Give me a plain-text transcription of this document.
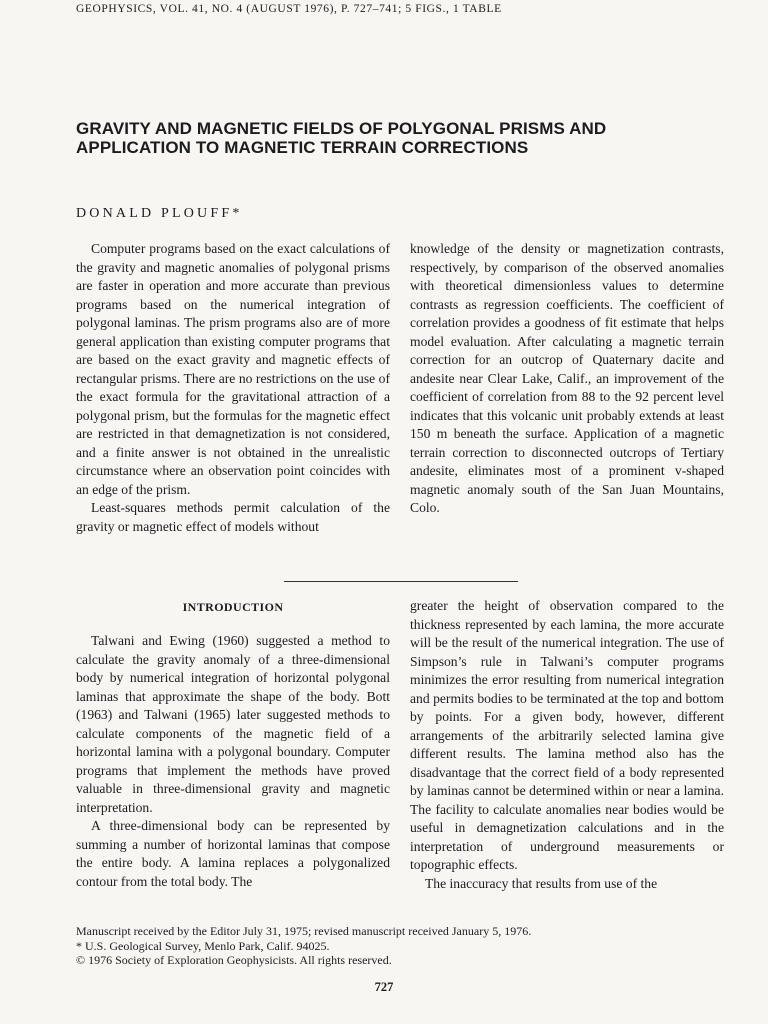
GEOPHYSICS, VOL. 41, NO. 4 (AUGUST 1976), P. 727–741; 5 FIGS., 1 TABLE
GRAVITY AND MAGNETIC FIELDS OF POLYGONAL PRISMS AND APPLICATION TO MAGNETIC TERRAIN CORRECTIONS
DONALD PLOUFF*

Computer programs based on the exact calculations of the gravity and magnetic anomalies of polygonal prisms are faster in operation and more accurate than previous programs based on the numerical integration of polygonal laminas. The prism programs also are of more general application than existing computer programs that are based on the exact gravity and magnetic effects of rectangular prisms. There are no restrictions on the use of the exact formula for the gravitational attraction of a polygonal prism, but the formulas for the magnetic effect are restricted in that demagnetization is not considered, and a finite answer is not obtained in the unrealistic circumstance where an observation point coincides with an edge of the prism.

Least-squares methods permit calculation of the gravity or magnetic effect of models without

knowledge of the density or magnetization contrasts, respectively, by comparison of the observed anomalies with theoretical dimensionless values to determine contrasts as regression coefficients. The coefficient of correlation provides a goodness of fit estimate that helps model evaluation. After calculating a magnetic terrain correction for an outcrop of Quaternary dacite and andesite near Clear Lake, Calif., an improvement of the coefficient of correlation from 88 to the 92 percent level indicates that this volcanic unit probably extends at least 150 m beneath the surface. Application of a magnetic terrain correction to disconnected outcrops of Tertiary andesite, eliminates most of a prominent v-shaped magnetic anomaly south of the San Juan Mountains, Colo.

INTRODUCTION

Talwani and Ewing (1960) suggested a method to calculate the gravity anomaly of a three-dimensional body by numerical integration of horizontal polygonal laminas that approximate the shape of the body. Bott (1963) and Talwani (1965) later suggested methods to calculate components of the magnetic field of a horizontal lamina with a polygonal boundary. Computer programs that implement the methods have proved valuable in three-dimensional gravity and magnetic interpretation.

A three-dimensional body can be represented by summing a number of horizontal laminas that compose the entire body. A lamina replaces a polygonalized contour from the total body. The

greater the height of observation compared to the thickness represented by each lamina, the more accurate will be the result of the numerical integration. The use of Simpson’s rule in Talwani’s computer programs minimizes the error resulting from numerical integration and permits bodies to be terminated at the top and bottom by points. For a given body, however, different arrangements of the arbitrarily selected lamina give different results. The lamina method also has the disadvantage that the correct field of a body represented by laminas cannot be determined within or near a lamina. The facility to calculate anomalies near bodies would be useful in demagnetization calculations and in the interpretation of underground measurements or topographic effects.

The inaccuracy that results from use of the

Manuscript received by the Editor July 31, 1975; revised manuscript received January 5, 1976.
* U.S. Geological Survey, Menlo Park, Calif. 94025.
© 1976 Society of Exploration Geophysicists. All rights reserved.
727
